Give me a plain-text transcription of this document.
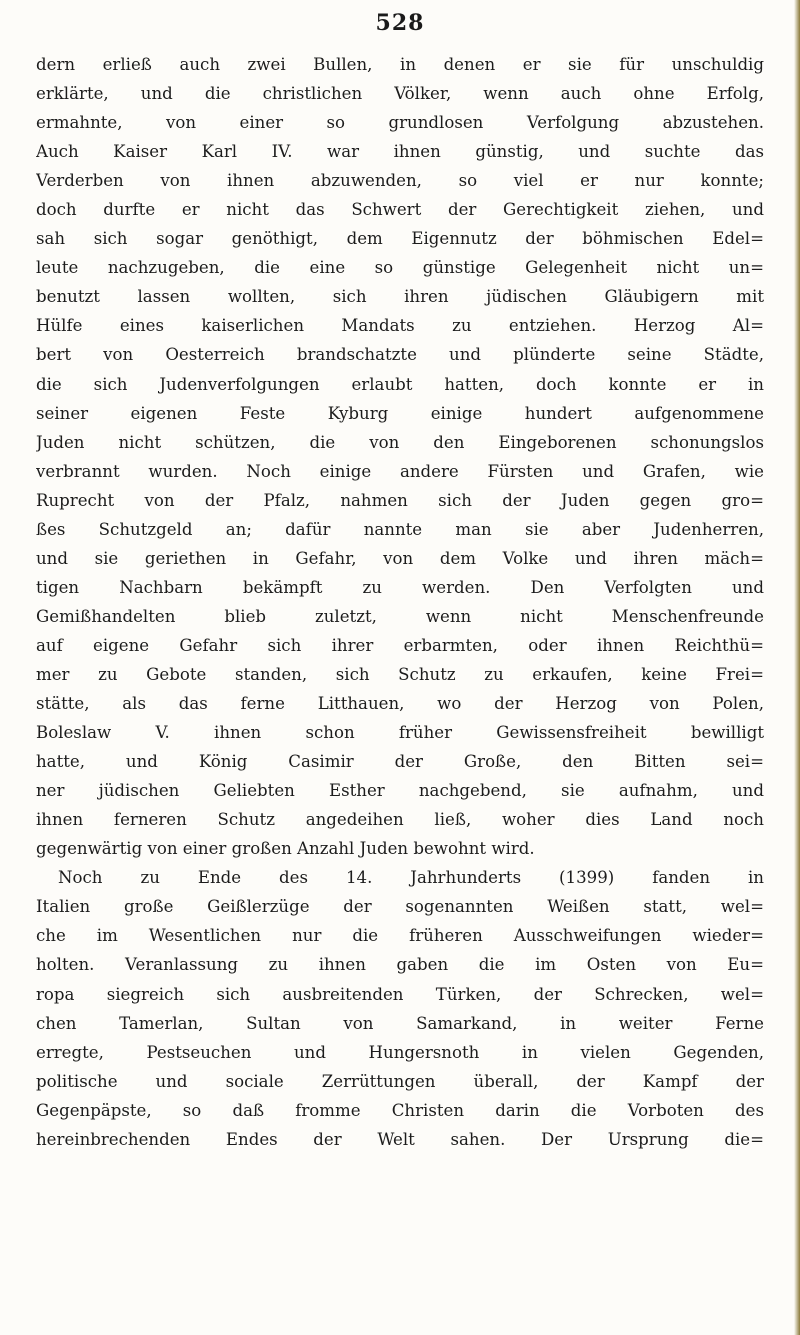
528
dern erließ auch zwei Bullen, in denen er sie für unschuldig
erklärte, und die christlichen Völker, wenn auch ohne Erfolg,
ermahnte, von einer so grundlosen Verfolgung abzustehen.
Auch Kaiser Karl IV. war ihnen günstig, und suchte das
Verderben von ihnen abzuwenden, so viel er nur konnte;
doch durfte er nicht das Schwert der Gerechtigkeit ziehen, und
sah sich sogar genöthigt, dem Eigennutz der böhmischen Edel=
leute nachzugeben, die eine so günstige Gelegenheit nicht un=
benutzt lassen wollten, sich ihren jüdischen Gläubigern mit
Hülfe eines kaiserlichen Mandats zu entziehen. Herzog Al=
bert von Oesterreich brandschatzte und plünderte seine Städte,
die sich Judenverfolgungen erlaubt hatten, doch konnte er in
seiner eigenen Feste Kyburg einige hundert aufgenommene
Juden nicht schützen, die von den Eingeborenen schonungslos
verbrannt wurden. Noch einige andere Fürsten und Grafen, wie
Ruprecht von der Pfalz, nahmen sich der Juden gegen gro=
ßes Schutzgeld an; dafür nannte man sie aber Judenherren,
und sie geriethen in Gefahr, von dem Volke und ihren mäch=
tigen Nachbarn bekämpft zu werden. Den Verfolgten und
Gemißhandelten blieb zuletzt, wenn nicht Menschenfreunde
auf eigene Gefahr sich ihrer erbarmten, oder ihnen Reichthü=
mer zu Gebote standen, sich Schutz zu erkaufen, keine Frei=
stätte, als das ferne Litthauen, wo der Herzog von Polen,
Boleslaw V. ihnen schon früher Gewissensfreiheit bewilligt
hatte, und König Casimir der Große, den Bitten sei=
ner jüdischen Geliebten Esther nachgebend, sie aufnahm, und
ihnen ferneren Schutz angedeihen ließ, woher dies Land noch
gegenwärtig von einer großen Anzahl Juden bewohnt wird.
Noch zu Ende des 14. Jahrhunderts (1399) fanden in
Italien große Geißlerzüge der sogenannten Weißen statt, wel=
che im Wesentlichen nur die früheren Ausschweifungen wieder=
holten. Veranlassung zu ihnen gaben die im Osten von Eu=
ropa siegreich sich ausbreitenden Türken, der Schrecken, wel=
chen Tamerlan, Sultan von Samarkand, in weiter Ferne
erregte, Pestseuchen und Hungersnoth in vielen Gegenden,
politische und sociale Zerrüttungen überall, der Kampf der
Gegenpäpste, so daß fromme Christen darin die Vorboten des
hereinbrechenden Endes der Welt sahen. Der Ursprung die=
